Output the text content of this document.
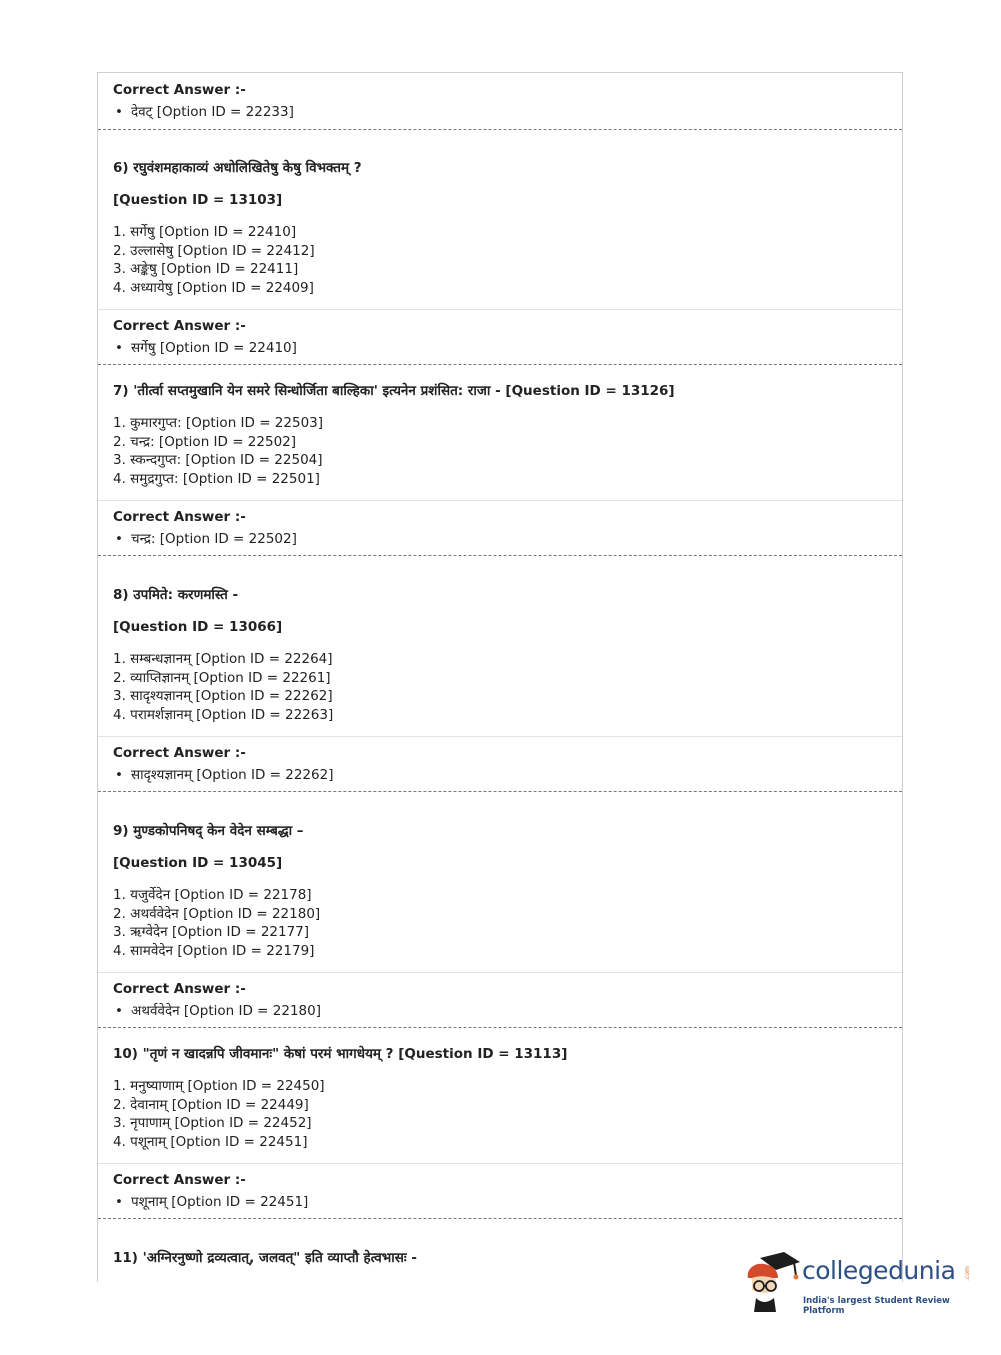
Correct Answer :-
• देवट् [Option ID = 22233]
6) रघुवंशमहाकाव्यं अधोलिखितेषु केषु विभक्तम् ?
[Question ID = 13103]
1. सर्गेषु [Option ID = 22410]
2. उल्लासेषु [Option ID = 22412]
3. अङ्केषु [Option ID = 22411]
4. अध्यायेषु [Option ID = 22409]
Correct Answer :-
• सर्गेषु [Option ID = 22410]
7) 'तीर्त्वा सप्तमुखानि येन समरे सिन्धोर्जिता बाल्हिका' इत्यनेन प्रशंसित: राजा - [Question ID = 13126]
1. कुमारगुप्त: [Option ID = 22503]
2. चन्द्र: [Option ID = 22502]
3. स्कन्दगुप्त: [Option ID = 22504]
4. समुद्रगुप्त: [Option ID = 22501]
Correct Answer :-
• चन्द्र: [Option ID = 22502]
8) उपमिते: करणमस्ति -
[Question ID = 13066]
1. सम्बन्धज्ञानम् [Option ID = 22264]
2. व्याप्तिज्ञानम् [Option ID = 22261]
3. सादृश्यज्ञानम् [Option ID = 22262]
4. परामर्शज्ञानम् [Option ID = 22263]
Correct Answer :-
• सादृश्यज्ञानम् [Option ID = 22262]
9) मुण्डकोपनिषद् केन वेदेन सम्बद्धा –
[Question ID = 13045]
1. यजुर्वेदेन [Option ID = 22178]
2. अथर्ववेदेन [Option ID = 22180]
3. ऋग्वेदेन [Option ID = 22177]
4. सामवेदेन [Option ID = 22179]
Correct Answer :-
• अथर्ववेदेन [Option ID = 22180]
10) "तृणं न खादन्नपि जीवमानः" केषां परमं भागधेयम् ? [Question ID = 13113]
1. मनुष्याणाम् [Option ID = 22450]
2. देवानाम् [Option ID = 22449]
3. नृपाणाम् [Option ID = 22452]
4. पशूनाम् [Option ID = 22451]
Correct Answer :-
• पशूनाम् [Option ID = 22451]
11) 'अग्निरनुष्णो द्रव्यत्वात्, जलवत्" इति व्याप्तौ हेत्वभासः -	collegedunia .com
India's largest Student Review Platform
